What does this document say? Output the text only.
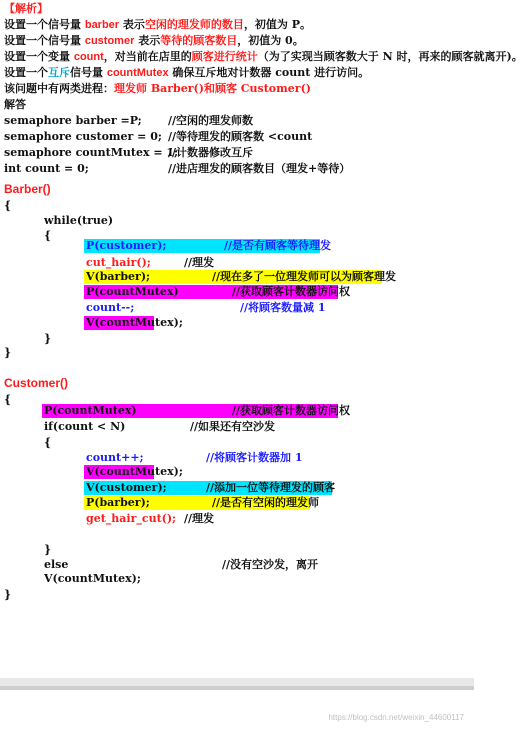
【解析】
设置一个信号量 barber 表示空闲的理发师的数目，初值为 P。
设置一个信号量 customer 表示等待的顾客数目，初值为 0。
设置一个变量 count，对当前在店里的顾客进行统计（为了实现当顾客数大于 N 时，再来的顾客就离开)。
设置一个互斥信号量 countMutex 确保互斥地对计数器 count 进行访问。
该问题中有两类进程：理发师 Barber()和顾客 Customer()
解答
semaphore barber =P; //空闲的理发师数
semaphore customer = 0; //等待理发的顾客数 <count
semaphore countMutex = 1;
//计数器修改互斥
int count = 0;	//进店理发的顾客数目（理发+等待）
Barber()
{
while(true)
{
P(customer);	//是否有顾客等待理发
cut_hair();	//理发
V(barber);	//现在多了一位理发师可以为顾客理发
P(countMutex)	//获取顾客计数器访问权
count--;	//将顾客数量减 1
V(countMutex);
}
}
Customer()
{
P(countMutex)	//获取顾客计数器访问权
if(count < N)	//如果还有空沙发
{
count++;	//将顾客计数器加 1
V(countMutex);
V(customer);	//添加一位等待理发的顾客
P(barber);	//是否有空闲的理发师
get_hair_cut(); //理发
}
else	//没有空沙发，离开
V(countMutex);
}
https://blog.csdn.net/weixin_44600117
